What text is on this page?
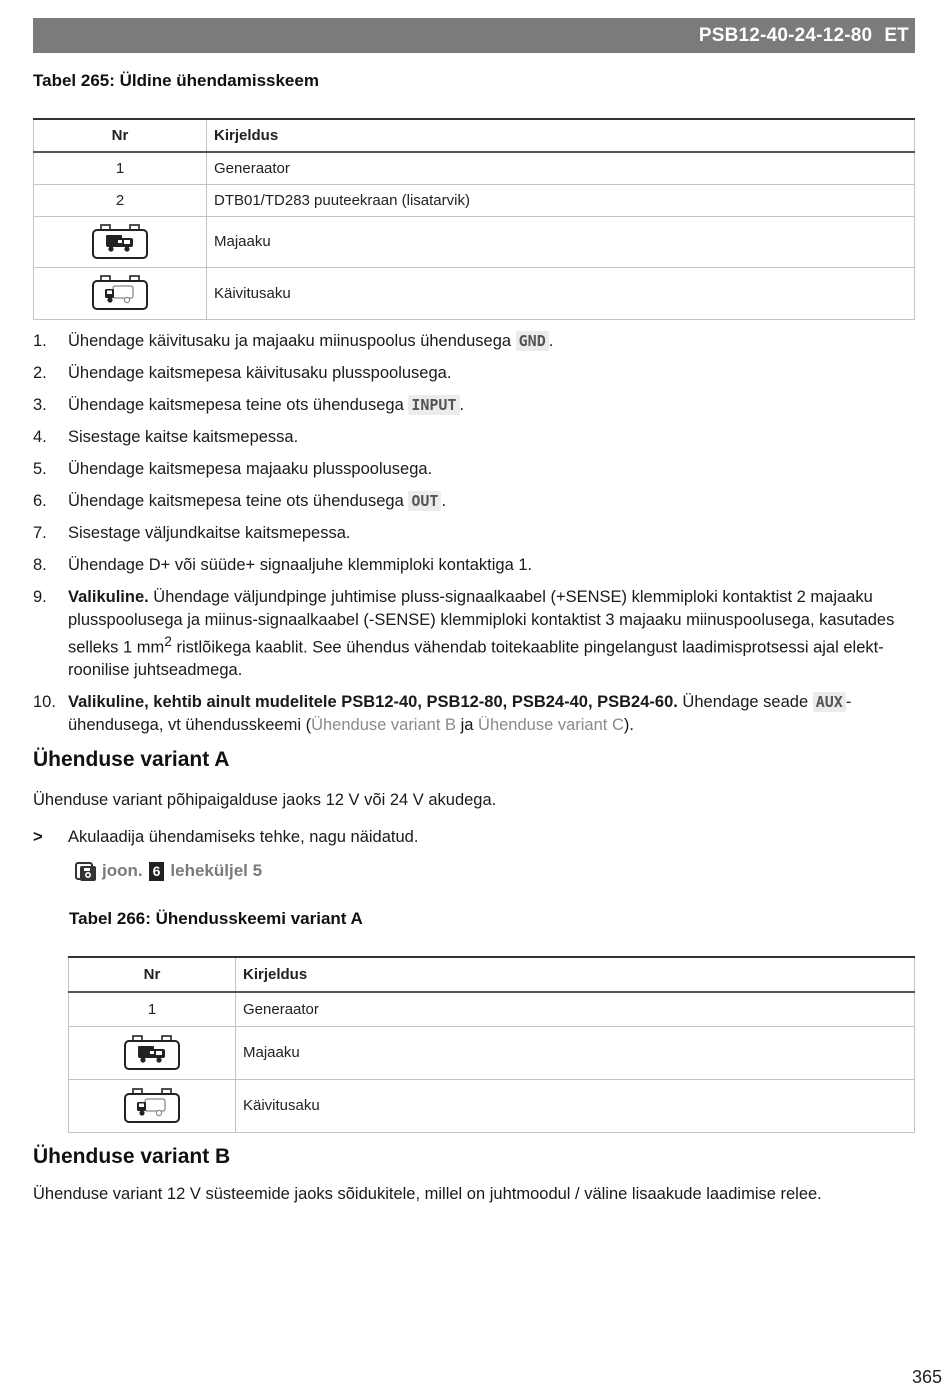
PSB12-40-24-12-80 ET
Tabel 265: Üldine ühendamisskeem
Nr	Kirjeldus
1	Generaator
2	DTB01/TD283 puuteekraan (lisatarvik)
	Majaaku
	Käivitusaku
1.	Ühendage käivitusaku ja majaaku miinuspoolus ühendusega GND .
2.	Ühendage kaitsmepesa käivitusaku plusspoolusega.
3.	Ühendage kaitsmepesa teine ots ühendusega INPUT .
4.	Sisestage kaitse kaitsmepessa.
5.	Ühendage kaitsmepesa majaaku plusspoolusega.
6.	Ühendage kaitsmepesa teine ots ühendusega OUT .
7.	Sisestage väljundkaitse kaitsmepessa.
8.	Ühendage D+ või süüde+ signaaljuhe klemmiploki kontaktiga 1.
9.	Valikuline. Ühendage väljundpinge juhtimise pluss-signaalkaabel (+SENSE) klemmiploki kontaktist 2 majaaku plusspoolusega ja miinus-signaalkaabel (-SENSE) klemmiploki kontaktist 3 majaaku miinuspoolusega, kasutades selleks 1 $mm^2$ ristlõikega kaablit. See ühendus vähendab toitekaablite pingelangust laadimisprotsessi ajal elektroonilise juhtseadmega.
10. Valikuline, kehtib ainult mudelitele PSB12-40, PSB12-80, PSB24-40, PSB24-60. Ühendage seade AUX -ühendusega, vt ühendusskeemi (Ühenduse variant B ja Ühenduse variant C).
Ühenduse variant A

Ühenduse variant põhipaigalduse jaoks 12 V või 24 V akudega.

>	Akulaadija ühendamiseks tehke, nagu näidatud.
joon. 6 leheküljel 5
Tabel 266: Ühendusskeemi variant A
Nr	Kirjeldus
1	Generaator
	Majaaku
	Käivitusaku
Ühenduse variant B

Ühenduse variant 12 V süsteemide jaoks sõidukitele, millel on juhtmoodul / väline lisaakude laadimise relee.

365
